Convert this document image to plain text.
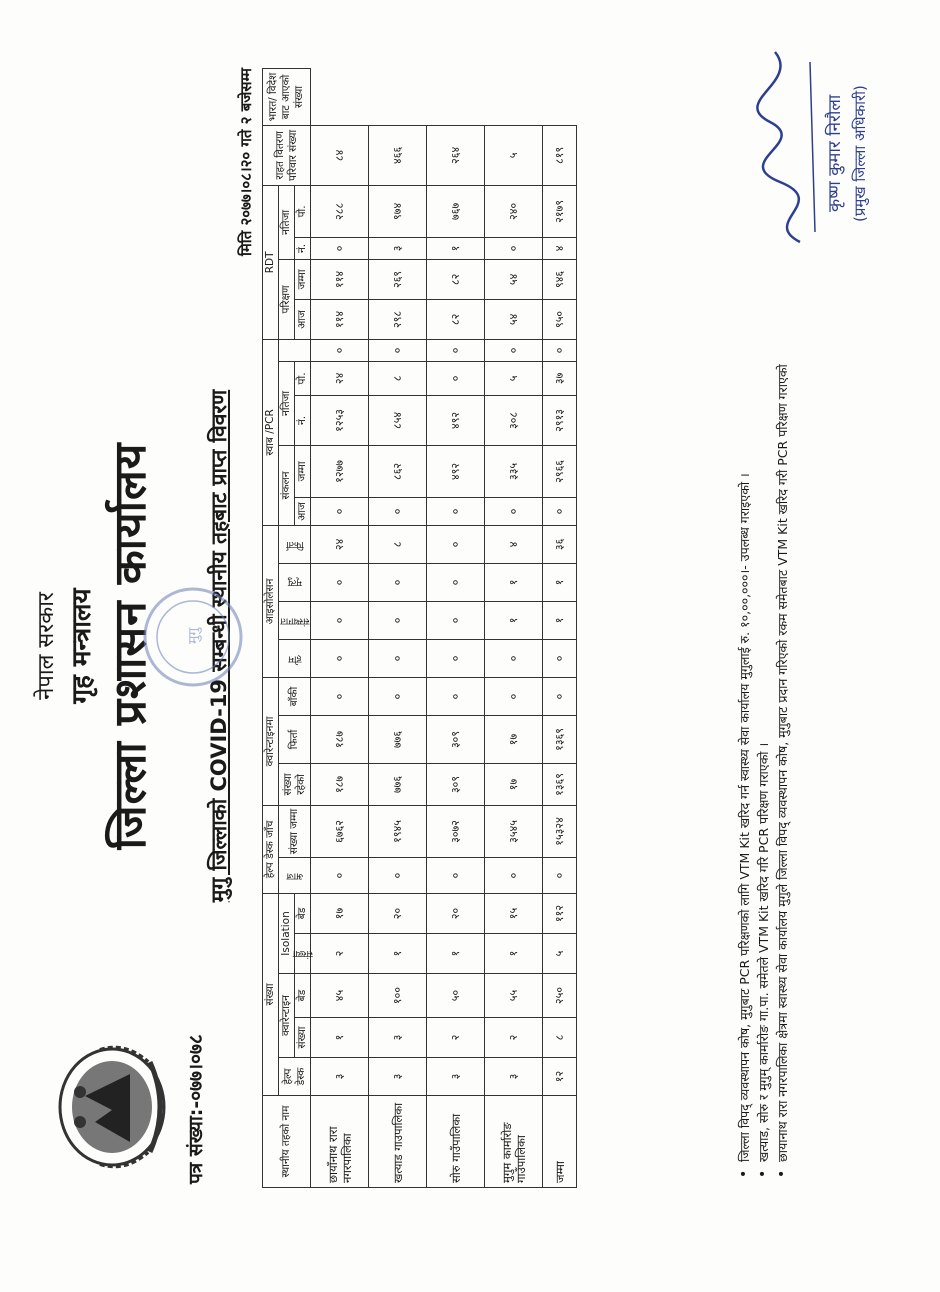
नेपाल सरकार गृह मन्त्रालय जिल्ला प्रशासन कार्यालय
पत्र संख्या:-०७७।०७८
मुगु जिल्लाको COVID-19 सम्बन्धी स्थानीय तहबाट प्राप्त विवरण
मिति २०७७।०८।२० गते २ बजेसम्म
मुगु
स्थानीय तहको नाम	संख्या					हेल्प डेस्क जाँच		क्वारेन्टाइनमा			आइसोलेसन				स्वाब /PCR					RDT				राहत वितरण परिवार संख्या	भारत/ विदेश बाट आएको संख्या
	हेल्प डेस्क	क्वारेन्टाइन		Isolation		आज	संख्या जम्मा	संख्या रहेको	फिर्ता	बाँकी	होम	संस्थागत	मृत्यु	फिर्ता	संकलन		नतिजा			परिक्षण		नतिजा			
		संख्या	बेड	संख्या	बेड										आज	जम्मा	नं.	पो.		आज	जम्मा	नं.	पो.		
छायाँनाथ रारा नगरपालिका	३	१	४५	२	१७	०	६७६२	१८७	१८७	०	०	०	०	२४	०	१२७७	१२५३	२४	०	११४	११४	०	२८८	८४	
खत्याड गाउपालिका	३	३	१००	१	२०	०	१९४५	७७६	७७६	०	०	०	०	८	०	८६२	८५४	८	०	२९८	२६९	३	९७४	४६६	
सोरु गाउँपालिका	३	२	५०	१	२०	०	३०७२	३०९	३०९	०	०	०	०	०	०	४९२	४९२	०	०	८२	८२	१	७६७	२६४	
मुगुम कार्मारोङ गाउँपालिका	३	२	५५	१	१५	०	३५४५	१७	१७	०	०	१	१	४	०	३३५	३०८	५	०	५४	५४	०	२४०	५	
जम्मा	१२	८	२५०	५	११२	०	१५३२४	१३६९	१३६९	०	०	१	१	३६	०	२९६६	२९१३	३७	०	९५०	९४६	४	२१७९	८१९	
• जिल्ला विपद् व्यवस्थापन कोष, मुगुबाट PCR परिक्षणको लागि VTM Kit खरिद गर्न स्वास्थ्य सेवा कार्यालय मुगुलाई रु. १०,००,०००।- उपलब्ध गराइएको । • खत्याड, सोरु र मुगुम् कार्मारोङ गा.पा. समेतले VTM Kit खरिद गरि PCR परिक्षण गराएको । • छायानाथ रारा नगरपालिका क्षेत्रमा स्वास्थ्य सेवा कार्यालय मुगुले जिल्ला विपद् व्यवस्थापन कोष, मुगुबाट प्रदान गरिएको रकम समेतबाट VTM Kit खरिद गरी PCR परिक्षण गराएको
कृष्ण कुमार निरौला (प्रमुख जिल्ला अधिकारी)
